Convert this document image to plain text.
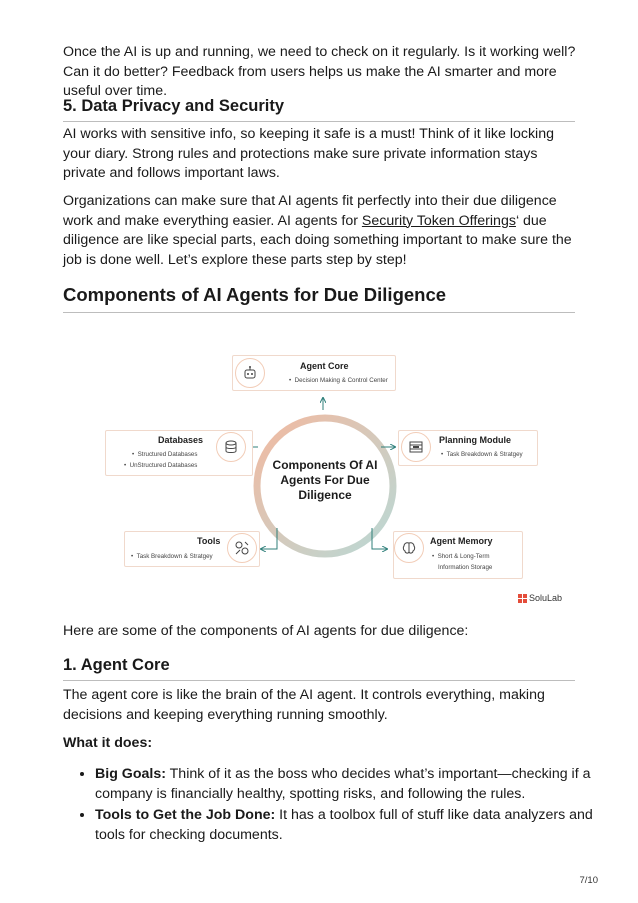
Once the AI is up and running, we need to check on it regularly. Is it working well? Can it do better? Feedback from users helps us make the AI smarter and more useful over time.

5. Data Privacy and Security

AI works with sensitive info, so keeping it safe is a must! Think of it like locking your diary. Strong rules and protections make sure private information stays private and follows important laws.

Organizations can make sure that AI agents fit perfectly into their due diligence work and make everything easier. AI agents for Security Token Offerings‘ due diligence are like special parts, each doing something important to make sure the job is done well. Let’s explore these parts step by step!

Components of AI Agents for Due Diligence
Components Of AI
Agents For Due
Diligence
Agent Core
•  Decision Making & Control Center
Databases
•  Structured Databases
•  UnStructured Databases
Planning Module
•  Task Breakdown & Stratgey
Tools
•  Task Breakdown & Stratgey
Agent Memory
•  Short & Long-Term
Information Storage
SoluLab

Here are some of the components of AI agents for due diligence:

1. Agent Core

The agent core is like the brain of the AI agent. It controls everything, making decisions and keeping everything running smoothly.

What it does:

• Big Goals: Think of it as the boss who decides what’s important—checking if a company is financially healthy, spotting risks, and following the rules.
• Tools to Get the Job Done: It has a toolbox full of stuff like data analyzers and tools for checking documents.
7/10
